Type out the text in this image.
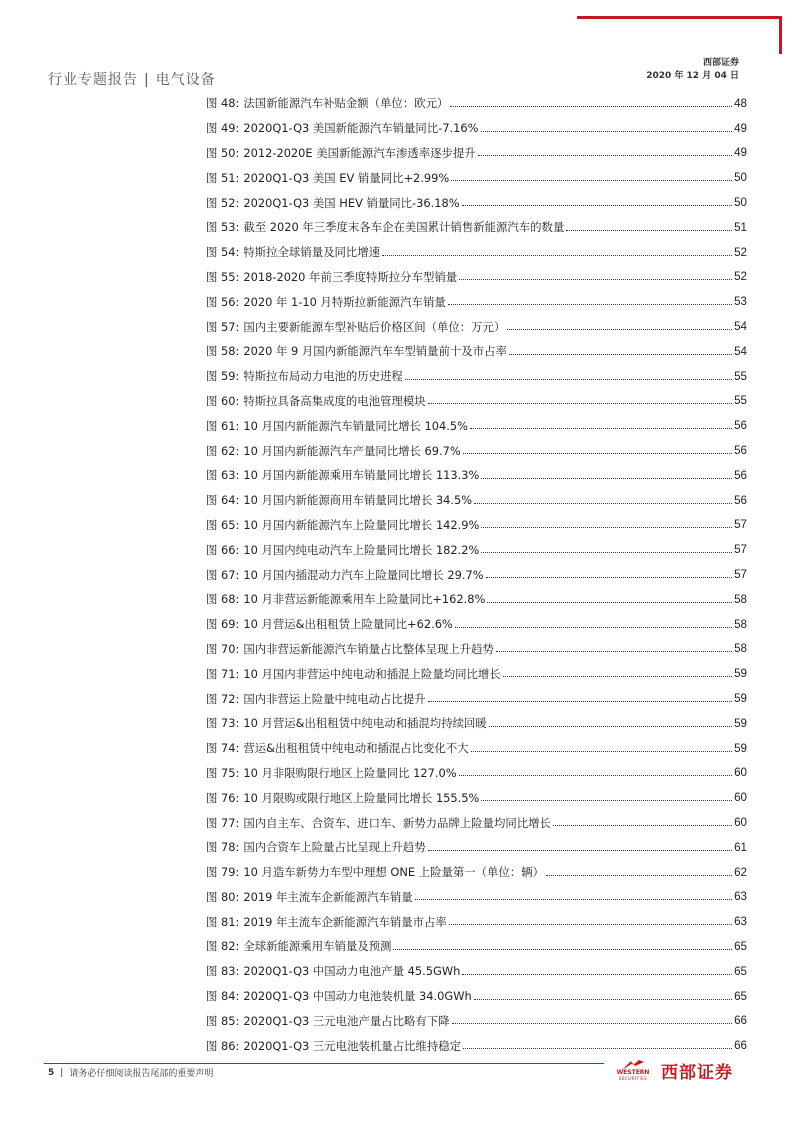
西部证券
2020 年 12 月 04 日
行业专题报告 | 电气设备
图 48: 法国新能源汽车补贴金额（单位：欧元）	48
图 49: 2020Q1-Q3 美国新能源汽车销量同比-7.16%	49
图 50: 2012-2020E 美国新能源汽车渗透率逐步提升	49
图 51: 2020Q1-Q3 美国 EV 销量同比+2.99%	50
图 52: 2020Q1-Q3 美国 HEV 销量同比-36.18%	50
图 53: 截至 2020 年三季度末各车企在美国累计销售新能源汽车的数量	51
图 54: 特斯拉全球销量及同比增速	52
图 55: 2018-2020 年前三季度特斯拉分车型销量	52
图 56: 2020 年 1-10 月特斯拉新能源汽车销量	53
图 57: 国内主要新能源车型补贴后价格区间（单位：万元）	54
图 58: 2020 年 9 月国内新能源汽车车型销量前十及市占率	54
图 59: 特斯拉布局动力电池的历史进程	55
图 60: 特斯拉具备高集成度的电池管理模块	55
图 61: 10 月国内新能源汽车销量同比增长 104.5%	56
图 62: 10 月国内新能源汽车产量同比增长 69.7%	56
图 63: 10 月国内新能源乘用车销量同比增长 113.3%	56
图 64: 10 月国内新能源商用车销量同比增长 34.5%	56
图 65: 10 月国内新能源汽车上险量同比增长 142.9%	57
图 66: 10 月国内纯电动汽车上险量同比增长 182.2%	57
图 67: 10 月国内插混动力汽车上险量同比增长 29.7%	57
图 68: 10 月非营运新能源乘用车上险量同比+162.8%	58
图 69: 10 月营运&出租租赁上险量同比+62.6%	58
图 70: 国内非营运新能源汽车销量占比整体呈现上升趋势	58
图 71: 10 月国内非营运中纯电动和插混上险量均同比增长	59
图 72: 国内非营运上险量中纯电动占比提升	59
图 73: 10 月营运&出租租赁中纯电动和插混均持续回暖	59
图 74: 营运&出租租赁中纯电动和插混占比变化不大	59
图 75: 10 月非限购限行地区上险量同比 127.0%	60
图 76: 10 月限购或限行地区上险量同比增长 155.5%	60
图 77: 国内自主车、合资车、进口车、新势力品牌上险量均同比增长	60
图 78: 国内合资车上险量占比呈现上升趋势	61
图 79: 10 月造车新势力车型中理想 ONE 上险量第一（单位：辆）	62
图 80: 2019 年主流车企新能源汽车销量	63
图 81: 2019 年主流车企新能源汽车销量市占率	63
图 82: 全球新能源乘用车销量及预测	65
图 83: 2020Q1-Q3 中国动力电池产量 45.5GWh	65
图 84: 2020Q1-Q3 中国动力电池装机量 34.0GWh	65
图 85: 2020Q1-Q3 三元电池产量占比略有下降	66
图 86: 2020Q1-Q3 三元电池装机量占比维持稳定	66
5 | 请务必仔细阅读报告尾部的重要声明	WESTERN
SECURITIES 西部证券
